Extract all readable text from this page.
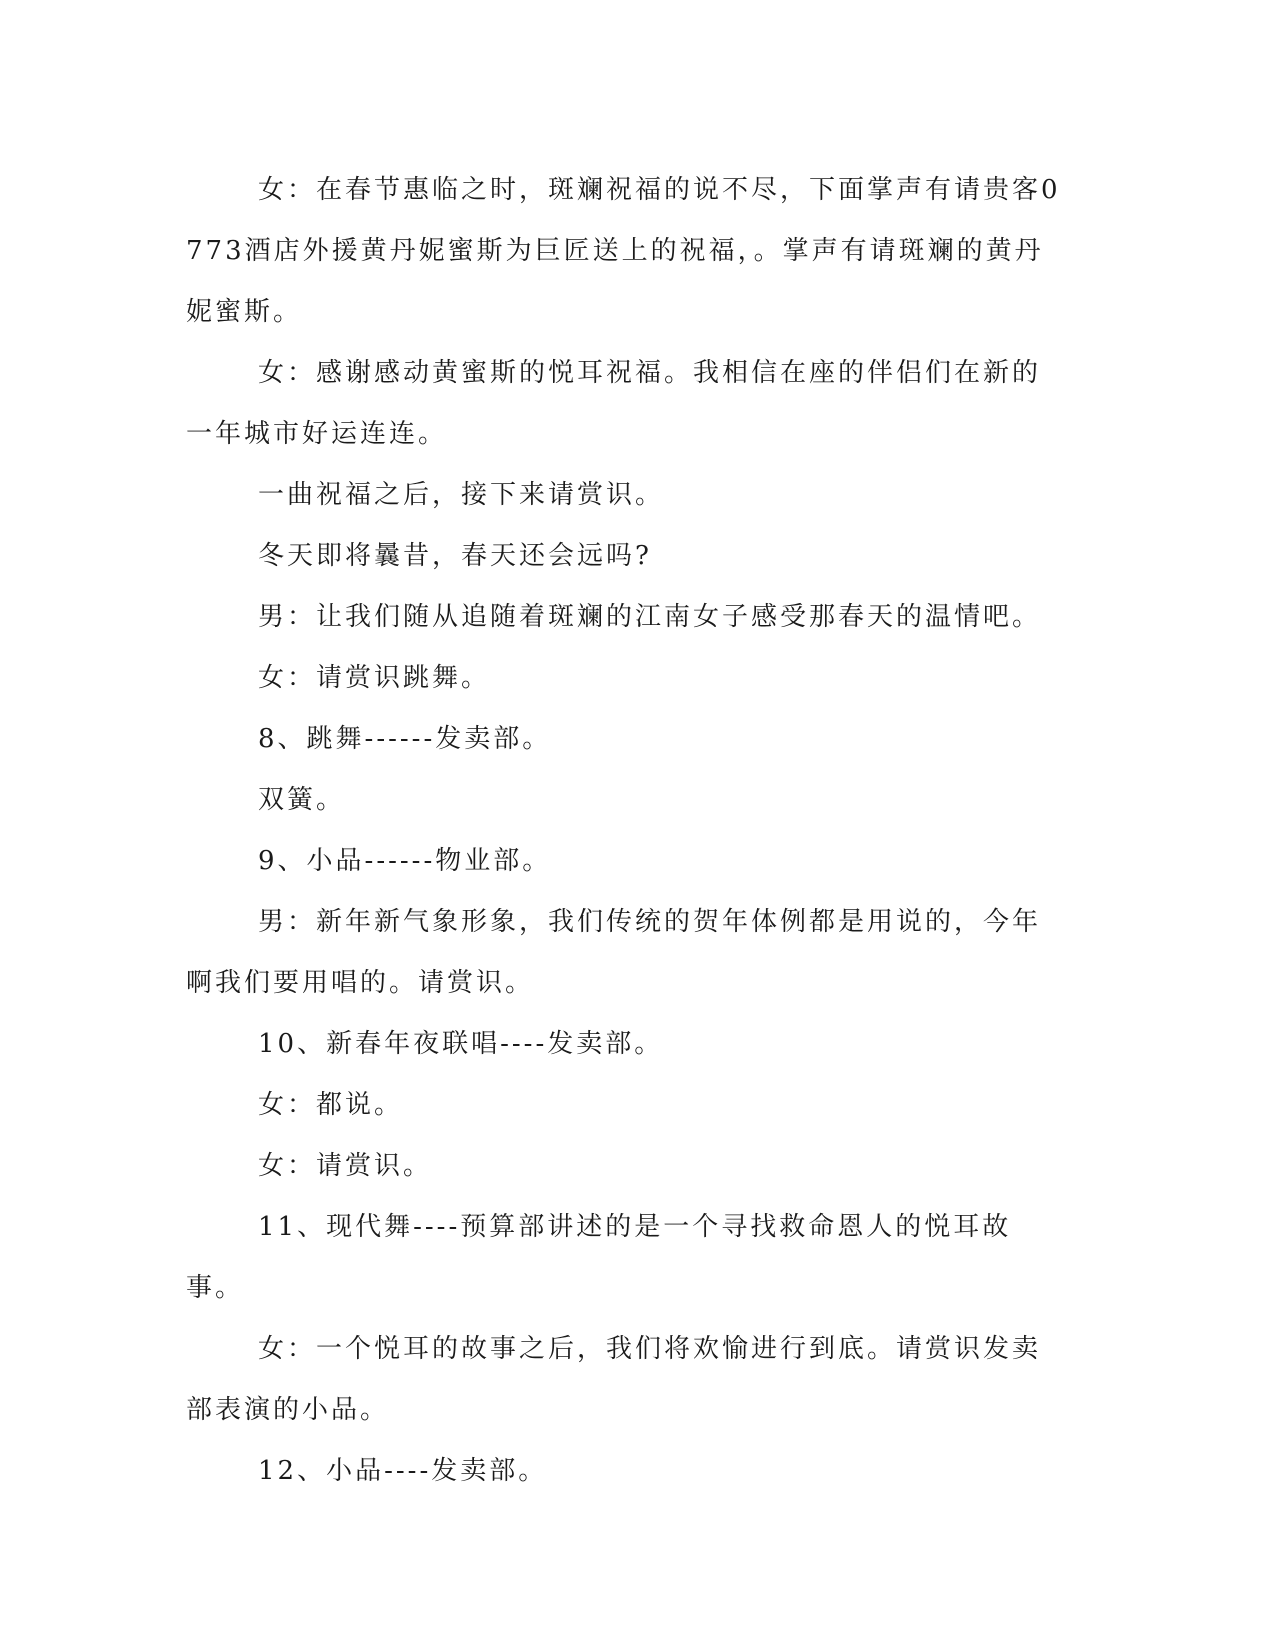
女：在春节惠临之时，斑斓祝福的说不尽，下面掌声有请贵客0773酒店外援黄丹妮蜜斯为巨匠送上的祝福，。掌声有请斑斓的黄丹妮蜜斯。

女：感谢感动黄蜜斯的悦耳祝福。我相信在座的伴侣们在新的一年城市好运连连。

一曲祝福之后，接下来请赏识。

冬天即将曩昔，春天还会远吗?

男：让我们随从追随着斑斓的江南女子感受那春天的温情吧。

女：请赏识跳舞。

8、跳舞------发卖部。

双簧。

9、小品------物业部。

男：新年新气象形象，我们传统的贺年体例都是用说的，今年啊我们要用唱的。请赏识。

10、新春年夜联唱----发卖部。

女：都说。

女：请赏识。

11、现代舞----预算部讲述的是一个寻找救命恩人的悦耳故事。

女：一个悦耳的故事之后，我们将欢愉进行到底。请赏识发卖部表演的小品。

12、小品----发卖部。
